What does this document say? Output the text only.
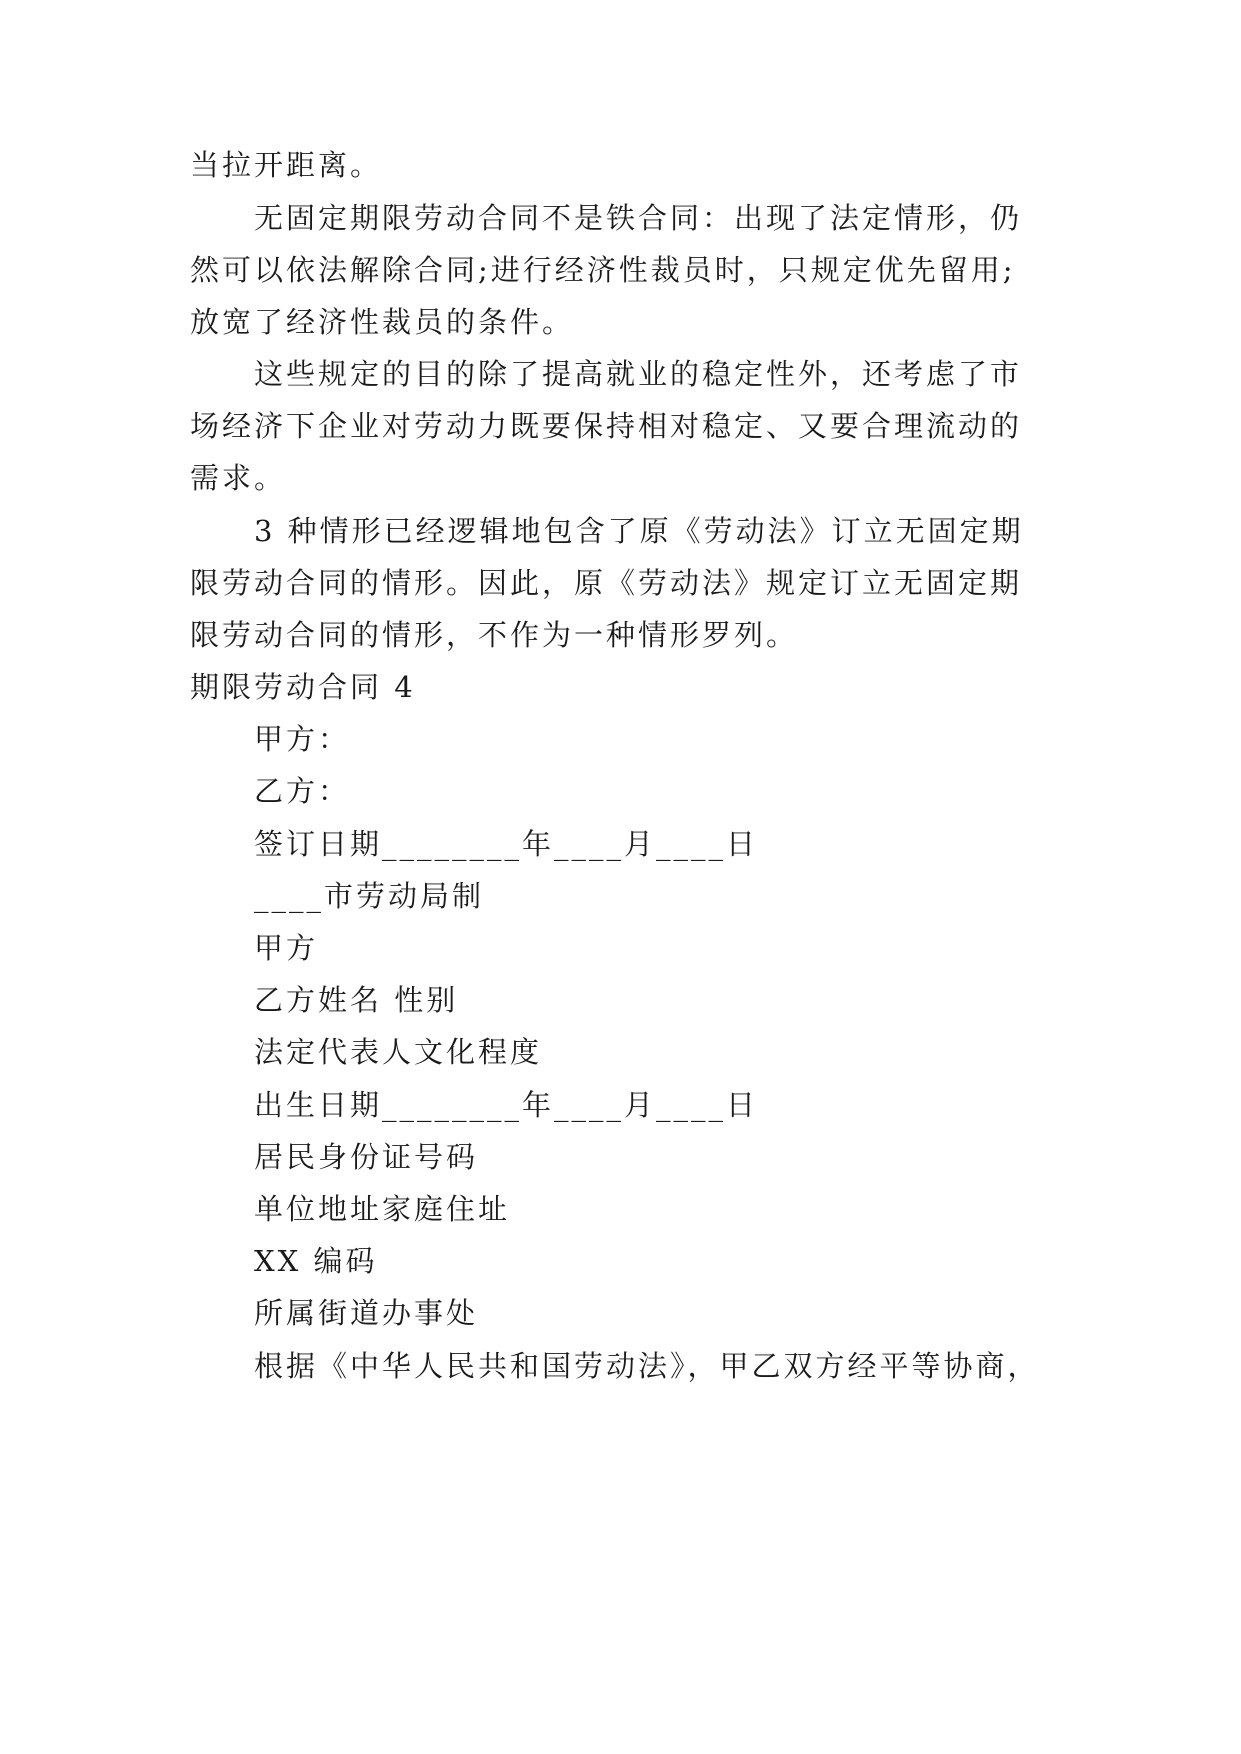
当拉开距离。
无固定期限劳动合同不是铁合同：出现了法定情形，仍
然可以依法解除合同;进行经济性裁员时，只规定优先留用;
放宽了经济性裁员的条件。
这些规定的目的除了提高就业的稳定性外，还考虑了市
场经济下企业对劳动力既要保持相对稳定、又要合理流动的
需求。
3 种情形已经逻辑地包含了原《劳动法》订立无固定期
限劳动合同的情形。因此，原《劳动法》规定订立无固定期
限劳动合同的情形，不作为一种情形罗列。
期限劳动合同 4
甲方：
乙方：
签订日期________年____月____日
____市劳动局制
甲方
乙方姓名 性别
法定代表人文化程度
出生日期________年____月____日
居民身份证号码
单位地址家庭住址
XX 编码
所属街道办事处
根据《中华人民共和国劳动法》，甲乙双方经平等协商，
